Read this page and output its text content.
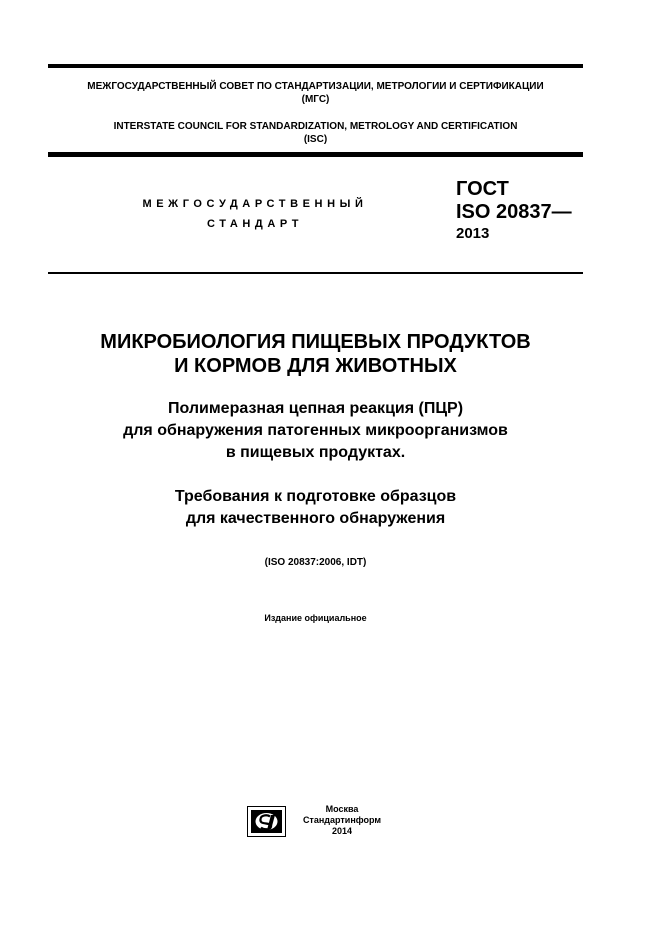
МЕЖГОСУДАРСТВЕННЫЙ СОВЕТ ПО СТАНДАРТИЗАЦИИ, МЕТРОЛОГИИ И СЕРТИФИКАЦИИ
(МГС)
INTERSTATE COUNCIL FOR STANDARDIZATION, METROLOGY AND CERTIFICATION
(ISC)
МЕЖГОСУДАРСТВЕННЫЙ
СТАНДАРТ
ГОСТ
ISO 20837—
2013
МИКРОБИОЛОГИЯ ПИЩЕВЫХ ПРОДУКТОВ
И КОРМОВ ДЛЯ ЖИВОТНЫХ
Полимеразная цепная реакция (ПЦР)
для обнаружения патогенных микроорганизмов
в пищевых продуктах.
Требования к подготовке образцов
для качественного обнаружения
(ISO 20837:2006, IDT)
Издание официальное
Москва
Стандартинформ
2014
